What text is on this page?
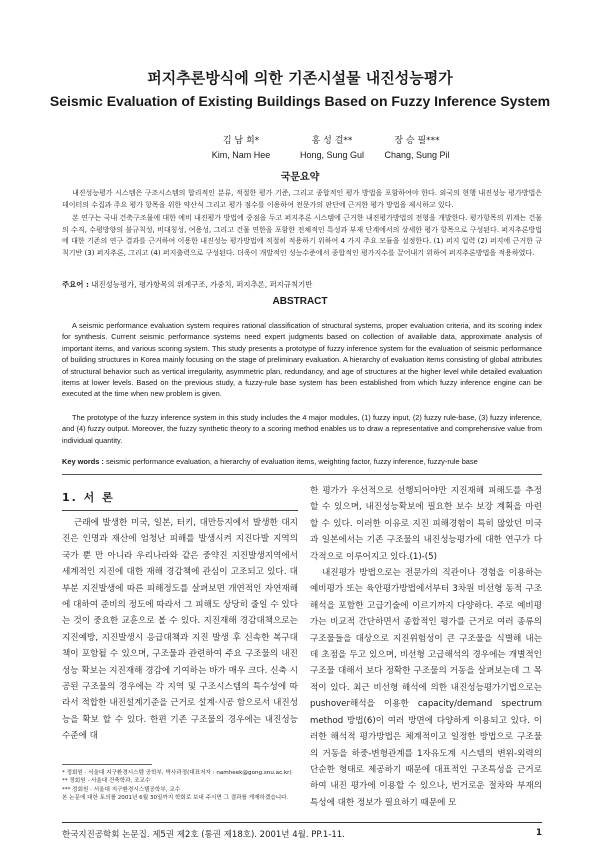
퍼지추론방식에 의한 기존시설물 내진성능평가
Seismic Evaluation of Existing Buildings Based on Fuzzy Inference System
김 남 희*
Kim, Nam Hee
홍 성 걸**
Hong, Sung Gul
장 승 필***
Chang, Sung Pil
국문요약
내진성능평가 시스템은 구조시스템의 합리적인 분류, 적절한 평가 기준, 그리고 종합적인 평가 방법을 포함하여야 한다. 외국의 현행 내진성능 평가방법은 데이터의 수집과 주요 평가 항목을 위한 약산식 그리고 평가 점수를 이용하여 전문가의 판단에 근거한 평가 방법을 제시하고 있다.
본 연구는 국내 건축구조물에 대한 예비 내진평가 방법에 중점을 두고 퍼지추론 시스템에 근거한 내진평가방법의 전형을 개발한다. 평가항목의 위계는 건물의 수직, 수평방향의 불규칙성, 비대칭성, 여용성, 그리고 건물 연한을 포함한 전체적인 특성과 부재 단계에서의 상세한 평가 항목으로 구성된다. 퍼지추론방법에 대한 기존의 연구 결과를 근거하여 이용한 내진성능 평가방법에 적절히 적용하기 위하여 4 가지 주요 모듈을 설정한다. (1) 퍼지 입력 (2) 퍼지에 근거한 규칙기반 (3) 퍼지추론, 그리고 (4) 퍼지출력으로 구성된다. 더욱이 개발적인 성능수준에서 종합적인 평가지수를 끌어내기 위하여 퍼지추론방법을 적용하였다.
주요어 : 내진성능평가, 평가항목의 위계구조, 가중치, 퍼지추론, 퍼지규칙기반
ABSTRACT
A seismic performance evaluation system requires rational classification of structural systems, proper evaluation criteria, and its scoring index for synthesis. Current seismic performance systems need expert judgments based on collection of available data, approximate analysis of important items, and various scoring system. This study presents a prototype of fuzzy inference system for the evaluation of seismic performance of building structures in Korea mainly focusing on the stage of preliminary evaluation. A hierarchy of evaluation items consisting of global attributes of structural behavior such as vertical irregularity, asymmetric plan, redundancy, and age of structures at the higher level while detailed evaluation items at lower levels. Based on the previous study, a fuzzy-rule base system has been established from which fuzzy inference engine can be executed at the time when new problem is given.
The prototype of the fuzzy inference system in this study includes the 4 major modules, (1) fuzzy input, (2) fuzzy rule-base, (3) fuzzy inference, and (4) fuzzy output. Moreover, the fuzzy synthetic theory to a scoring method enables us to draw a representative and comprehensive value from individual quantity.
Key words : seismic performance evaluation, a hierarchy of evaluation items, weighting factor, fuzzy inference, fuzzy-rule base
1. 서 론

근래에 발생한 미국, 일본, 터키, 대만등지에서 발생한 대지진은 인명과 재산에 엄청난 피해를 발생시켜 지진다발 지역의 국가 뿐 만 아니라 우리나라와 같은 중약진 지진발생지역에서 세계적인 지진에 대한 재해 경감책에 관심이 고조되고 있다. 대부분 지진발생에 따른 피해정도를 살펴보면 개연적인 자연재해에 대하여 준비의 정도에 따라서 그 피해도 상당히 줄일 수 있다는 것이 중요한 교훈으로 볼 수 있다. 지진재해 경감대책으로는 지진예방, 지진발생시 응급대책과 지진 발생 후 신속한 복구대책이 포함될 수 있으며, 구조물과 관련하여 주요 구조물의 내진성능 확보는 지진재해 경감에 기여하는 바가 매우 크다. 신축 시공된 구조물의 경우에는 각 지역 및 구조시스템의 특수성에 따라서 적합한 내진설계기준을 근거로 설계·시공 함으로서 내진성능을 확보 할 수 있다. 한편 기존 구조물의 경우에는 내진성능 수준에 대

* 정회원 · 서울대 지구환경시스템 공학부, 박사과정(대표저자 : namheek@gong.snu.ac.kr)
** 정회원 · 서울대 건축학과, 조교수
*** 정회원 · 서울대 지구환경시스템공학부, 교수
본 논문에 대한 토의를 2001년 6월 30일까지 학회로 보내 주시면 그 결과를 게재하겠습니다.

한 평가가 우선적으로 선행되어야만 지진재해 피해도를 추정할 수 있으며, 내진성능확보에 필요한 보수 보강 계획을 마련할 수 있다. 이러한 이유로 지진 피해경험이 특히 많았던 미국과 일본에서는 기존 구조물의 내진성능평가에 대한 연구가 다각적으로 이루어지고 있다.(1)-(5)

내진평가 방법으로는 전문가의 직관이나 경험을 이용하는 예비평가 또는 육안평가방법에서부터 3차원 비선형 동적 구조해석을 포함한 고급기술에 이르기까지 다양하다. 주로 예비평가는 비교적 간단하면서 종합적인 평가를 근거로 여러 종류의 구조물들을 대상으로 지진위험성이 큰 구조물을 식별해 내는데 초점을 두고 있으며, 비선형 고급해석의 경우에는 개별적인 구조물 대해서 보다 정확한 구조물의 거동을 살펴보는데 그 목적이 있다. 최근 비선형 해석에 의한 내진성능평가기법으로는 pushover해석을 이용한 capacity/demand spectrum method 방법(6)이 여러 방면에 다양하게 이용되고 있다. 이러한 해석적 평가방법은 체계적이고 일정한 방법으로 구조물의 거동을 하중-변형관계를 1자유도계 시스템의 변위-외력의 단순한 형태로 제공하기 때문에 대표적인 구조특성을 근거로 하여 내진 평가에 이용할 수 있으나, 번거로운 절차와 부재의 특성에 대한 정보가 필요하기 때문에 모

한국지진공학회 논문집. 제5권 제2호 (통권 제18호). 2001년 4월. PP.1-11.	1
